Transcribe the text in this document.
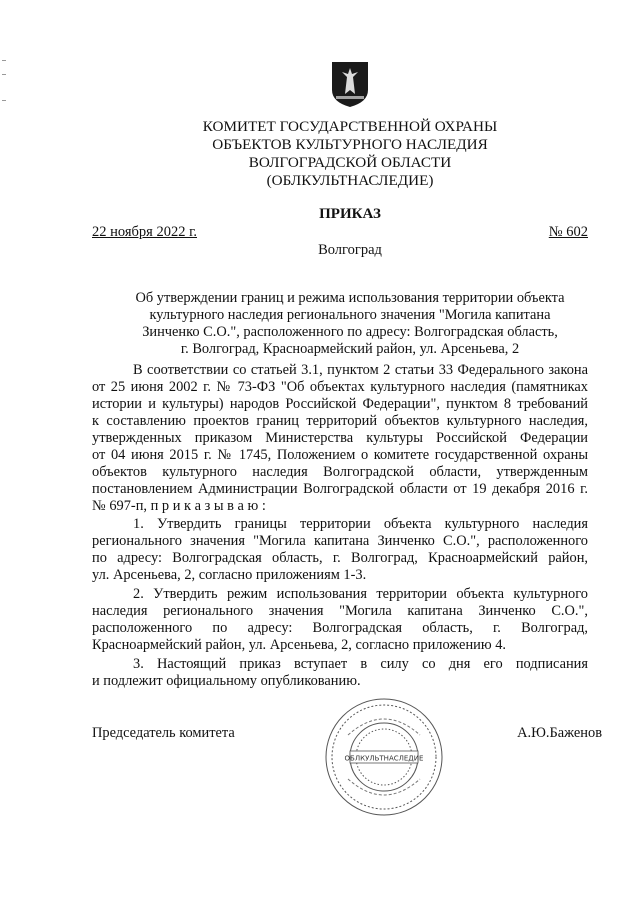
КОМИТЕТ ГОСУДАРСТВЕННОЙ ОХРАНЫ
ОБЪЕКТОВ КУЛЬТУРНОГО НАСЛЕДИЯ
ВОЛГОГРАДСКОЙ ОБЛАСТИ
(ОБЛКУЛЬТНАСЛЕДИЕ)
ПРИКАЗ
22 ноября 2022 г.	№ 602
Волгоград
Об утверждении границ и режима использования территории объекта
культурного наследия регионального значения "Могила капитана
Зинченко С.О.", расположенного по адресу: Волгоградская область,
г. Волгоград, Красноармейский район, ул. Арсеньева, 2
В соответствии со статьей 3.1, пунктом 2 статьи 33 Федерального закона
от 25 июня 2002 г. № 73-ФЗ "Об объектах культурного наследия (памятниках
истории и культуры) народов Российской Федерации", пунктом 8 требований
к составлению проектов границ территорий объектов культурного наследия,
утвержденных приказом Министерства культуры Российской Федерации
от 04 июня 2015 г. № 1745, Положением о комитете государственной охраны
объектов культурного наследия Волгоградской области, утвержденным
постановлением Администрации Волгоградской области от 19 декабря 2016 г.
№ 697-п, п р и к а з ы в а ю :
1. Утвердить границы территории объекта культурного наследия
регионального значения "Могила капитана Зинченко С.О.", расположенного
по адресу: Волгоградская область, г. Волгоград, Красноармейский район,
ул. Арсеньева, 2, согласно приложениям 1-3.
2. Утвердить режим использования территории объекта культурного
наследия регионального значения "Могила капитана Зинченко С.О.",
расположенного по адресу: Волгоградская область, г. Волгоград,
Красноармейский район, ул. Арсеньева, 2, согласно приложению 4.
3. Настоящий приказ вступает в силу со дня его подписания
и подлежит официальному опубликованию.
Председатель комитета	А.Ю.Баженов
ОБЛКУЛЬТНАСЛЕДИЕ
